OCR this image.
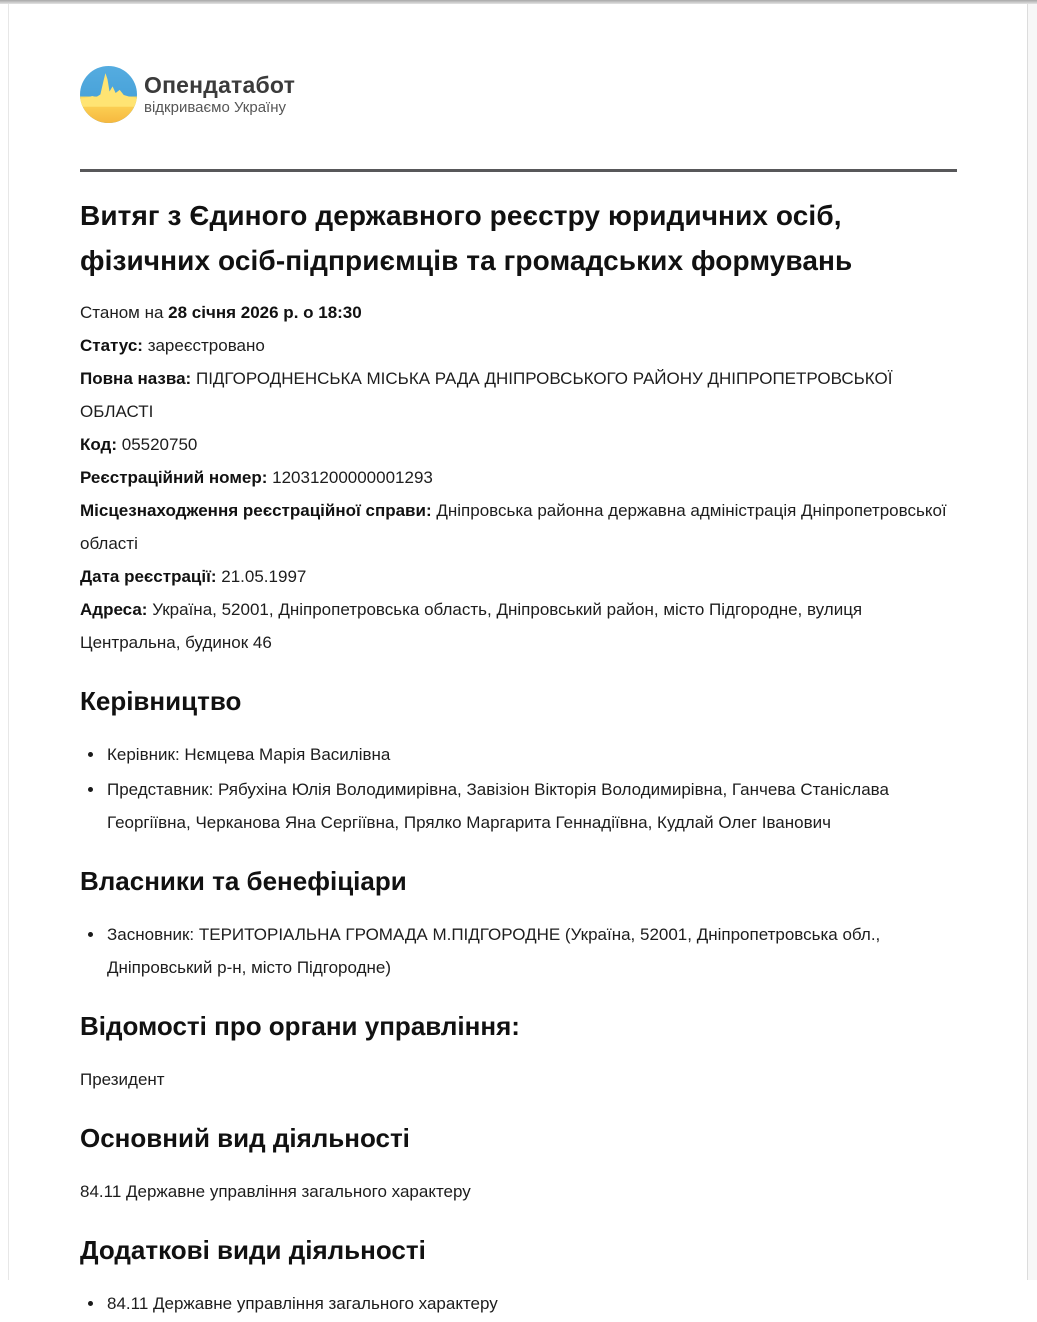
Опендатабот
відкриваємо Україну
Витяг з Єдиного державного реєстру юридичних осіб, фізичних осіб-підприємців та громадських формувань

Станом на 28 січня 2026 р. о 18:30

Статус: зареєстровано

Повна назва: ПІДГОРОДНЕНСЬКА МІСЬКА РАДА ДНІПРОВСЬКОГО РАЙОНУ ДНІПРОПЕТРОВСЬКОЇ ОБЛАСТІ

Код: 05520750

Реєстраційний номер: 12031200000001293

Місцезнаходження реєстраційної справи: Дніпровська районна державна адміністрація Дніпропетровської області

Дата реєстрації: 21.05.1997

Адреса: Україна, 52001, Дніпропетровська область, Дніпровський район, місто Підгородне, вулиця Центральна, будинок 46

Керівництво
Керівник: Нємцева Марія Василівна
Представник: Рябухіна Юлія Володимирівна, Завізіон Вікторія Володимирівна, Ганчева Станіслава Георгіївна, Черканова Яна Сергіївна, Прялко Маргарита Геннадіївна, Кудлай Олег Іванович
Власники та бенефіціари
Засновник: ТЕРИТОРІАЛЬНА ГРОМАДА М.ПІДГОРОДНЕ (Україна, 52001, Дніпропетровська обл., Дніпровський р-н, місто Підгородне)
Відомості про органи управління:

Президент

Основний вид діяльності

84.11 Державне управління загального характеру

Додаткові види діяльності
84.11 Державне управління загального характеру
